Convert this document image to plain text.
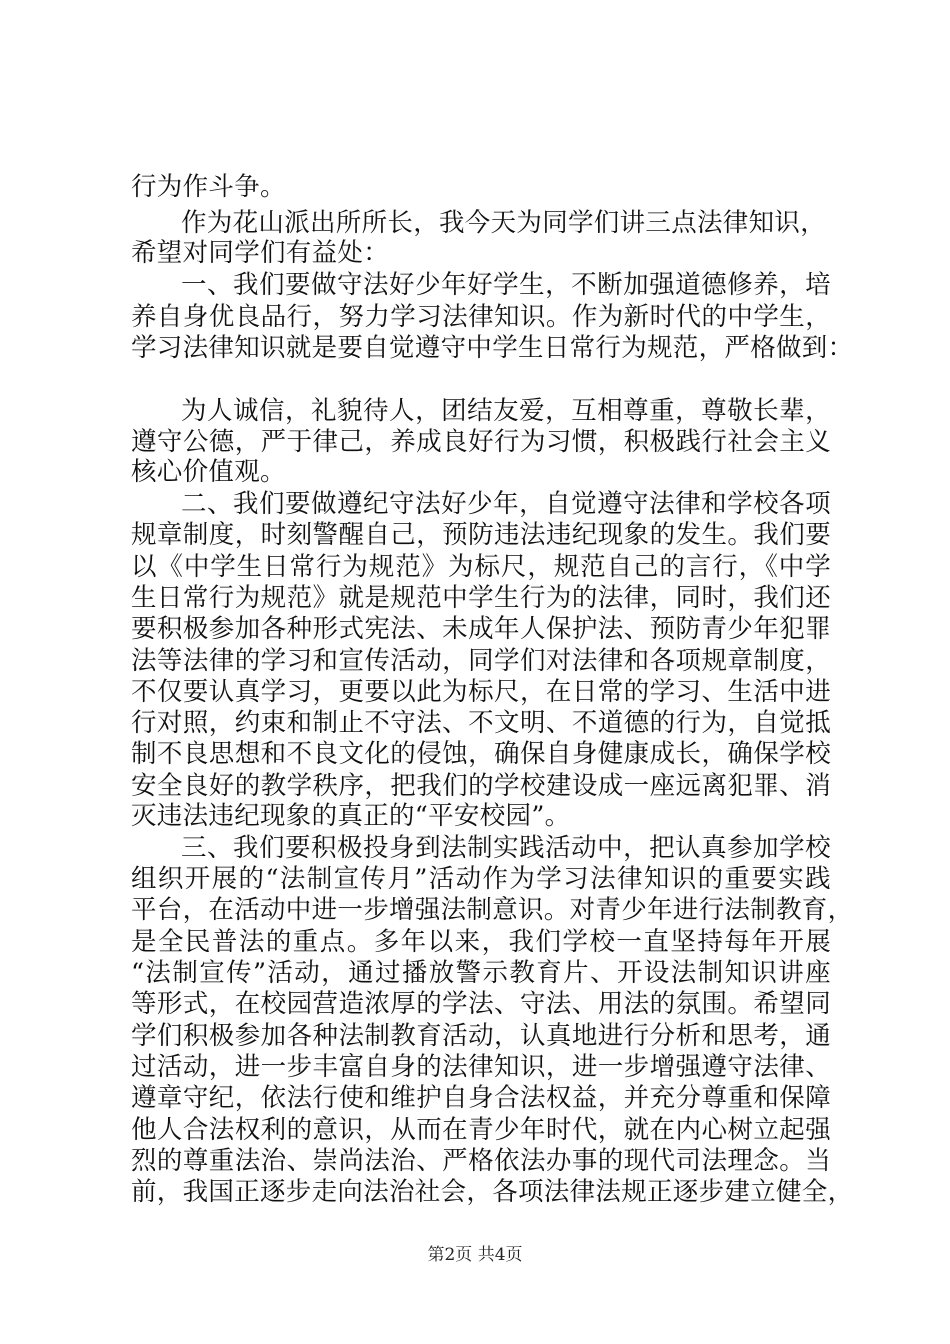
行为作斗争。
作为花山派出所所长，我今天为同学们讲三点法律知识，
希望对同学们有益处：
一、我们要做守法好少年好学生，不断加强道德修养，培
养自身优良品行，努力学习法律知识。作为新时代的中学生，
学习法律知识就是要自觉遵守中学生日常行为规范，严格做到：
为人诚信，礼貌待人，团结友爱，互相尊重，尊敬长辈，
遵守公德，严于律己，养成良好行为习惯，积极践行社会主义
核心价值观。
二、我们要做遵纪守法好少年，自觉遵守法律和学校各项
规章制度，时刻警醒自己，预防违法违纪现象的发生。我们要
以《中学生日常行为规范》为标尺，规范自己的言行，《中学
生日常行为规范》就是规范中学生行为的法律，同时，我们还
要积极参加各种形式宪法、未成年人保护法、预防青少年犯罪
法等法律的学习和宣传活动，同学们对法律和各项规章制度，
不仅要认真学习，更要以此为标尺，在日常的学习、生活中进
行对照，约束和制止不守法、不文明、不道德的行为，自觉抵
制不良思想和不良文化的侵蚀，确保自身健康成长，确保学校
安全良好的教学秩序，把我们的学校建设成一座远离犯罪、消
灭违法违纪现象的真正的“平安校园”。
三、我们要积极投身到法制实践活动中，把认真参加学校
组织开展的“法制宣传月”活动作为学习法律知识的重要实践
平台，在活动中进一步增强法制意识。对青少年进行法制教育，
是全民普法的重点。多年以来，我们学校一直坚持每年开展
“法制宣传”活动，通过播放警示教育片、开设法制知识讲座
等形式，在校园营造浓厚的学法、守法、用法的氛围。希望同
学们积极参加各种法制教育活动，认真地进行分析和思考，通
过活动，进一步丰富自身的法律知识，进一步增强遵守法律、
遵章守纪，依法行使和维护自身合法权益，并充分尊重和保障
他人合法权利的意识，从而在青少年时代，就在内心树立起强
烈的尊重法治、崇尚法治、严格依法办事的现代司法理念。当
前，我国正逐步走向法治社会，各项法律法规正逐步建立健全，
第2页 共4页
